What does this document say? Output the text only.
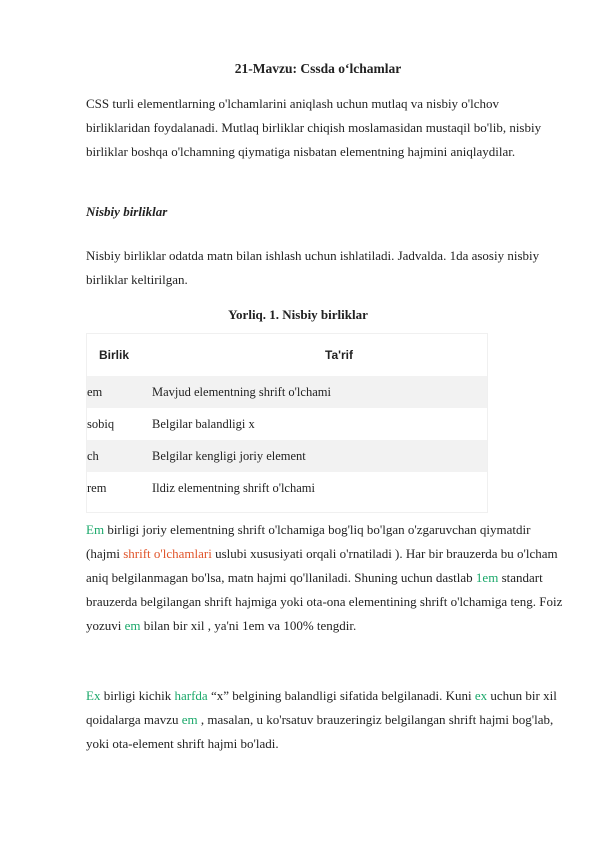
21-Mavzu: Cssda o‘lchamlar

CSS turli elementlarning o'lchamlarini aniqlash uchun mutlaq va nisbiy o'lchov birliklaridan foydalanadi. Mutlaq birliklar chiqish moslamasidan mustaqil bo'lib, nisbiy birliklar boshqa o'lchamning qiymatiga nisbatan elementning hajmini aniqlaydilar.

Nisbiy birliklar

Nisbiy birliklar odatda matn bilan ishlash uchun ishlatiladi. Jadvalda. 1da asosiy nisbiy birliklar keltirilgan.

Yorliq. 1. Nisbiy birliklar
Birlik	Ta'rif
em	Mavjud elementning shrift o'lchami
sobiq	Belgilar balandligi x
ch	Belgilar kengligi joriy element
rem	Ildiz elementning shrift o'lchami

Em birligi joriy elementning shrift o'lchamiga bog'liq bo'lgan o'zgaruvchan qiymatdir (hajmi shrift o'lchamlari uslubi xususiyati orqali o'rnatiladi ). Har bir brauzerda bu o'lcham aniq belgilanmagan bo'lsa, matn hajmi qo'llaniladi. Shuning uchun dastlab 1em standart brauzerda belgilangan shrift hajmiga yoki ota-ona elementining shrift o'lchamiga teng. Foiz yozuvi em bilan bir xil , ya'ni 1em va 100% tengdir.

Ex birligi kichik harfda “x” belgining balandligi sifatida belgilanadi. Kuni ex uchun bir xil qoidalarga mavzu em , masalan, u ko'rsatuv brauzeringiz belgilangan shrift hajmi bog'lab, yoki ota-element shrift hajmi bo'ladi.
